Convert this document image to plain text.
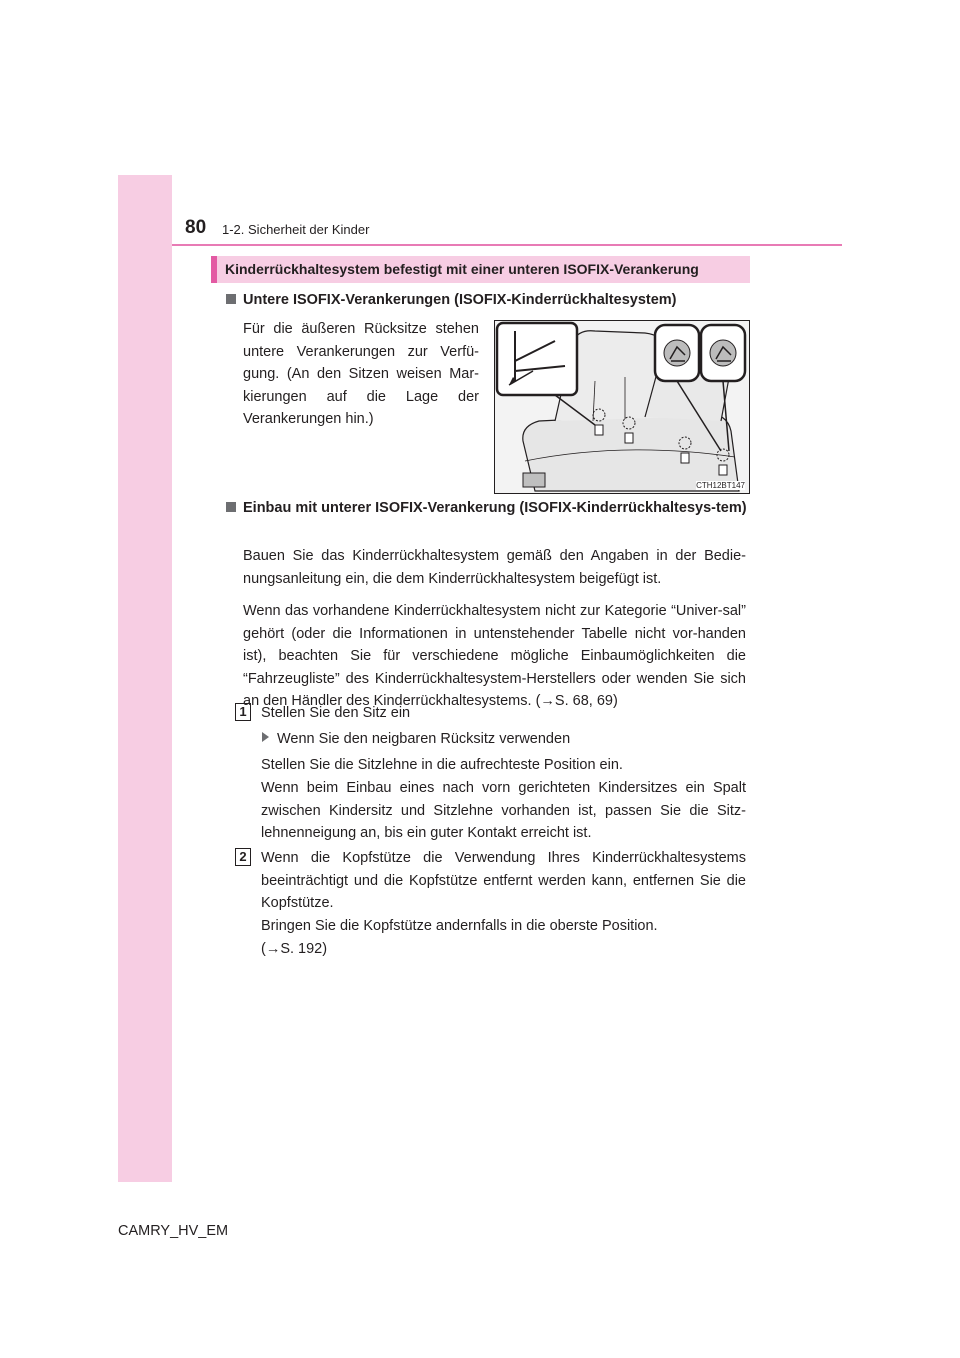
80 1-2. Sicherheit der Kinder
Kinderrückhaltesystem befestigt mit einer unteren ISOFIX-Verankerung
Untere ISOFIX-Verankerungen (ISOFIX-Kinderrückhaltesystem)
Für die äußeren Rücksitze stehen untere Verankerungen zur Verfü-gung. (An den Sitzen weisen Mar-kierungen auf die Lage der Verankerungen hin.)
CTH12BT147
Einbau mit unterer ISOFIX-Verankerung (ISOFIX-Kinderrückhaltesys-tem)
Bauen Sie das Kinderrückhaltesystem gemäß den Angaben in der Bedie-nungsanleitung ein, die dem Kinderrückhaltesystem beigefügt ist.
Wenn das vorhandene Kinderrückhaltesystem nicht zur Kategorie “Univer-sal” gehört (oder die Informationen in untenstehender Tabelle nicht vor-handen ist), beachten Sie für verschiedene mögliche Einbaumöglichkeiten die “Fahrzeugliste” des Kinderrückhaltesystem-Herstellers oder wenden Sie sich an den Händler des Kinderrückhaltesystems. (→S. 68, 69)
1 Stellen Sie den Sitz ein
Wenn Sie den neigbaren Rücksitz verwenden
Stellen Sie die Sitzlehne in die aufrechteste Position ein.
Wenn beim Einbau eines nach vorn gerichteten Kindersitzes ein Spalt zwischen Kindersitz und Sitzlehne vorhanden ist, passen Sie die Sitz-lehnenneigung an, bis ein guter Kontakt erreicht ist.
2 Wenn die Kopfstütze die Verwendung Ihres Kinderrückhaltesystems beeinträchtigt und die Kopfstütze entfernt werden kann, entfernen Sie die Kopfstütze.
Bringen Sie die Kopfstütze andernfalls in die oberste Position.
(→S. 192)
CAMRY_HV_EM
